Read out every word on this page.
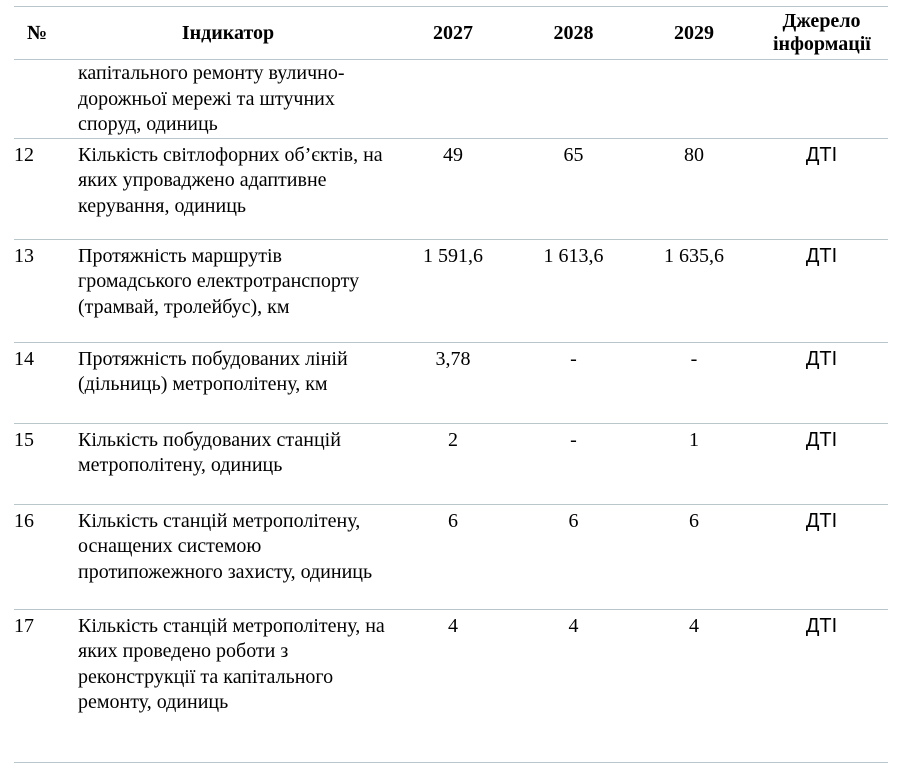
№	Індикатор	2027	2028	2029	Джерело інформації
	капітального ремонту вулично-дорожньої мережі та штучних споруд, одиниць				
12	Кількість світлофорних об’єктів, на яких упроваджено адаптивне керування, одиниць	49	65	80	ДТІ
13	Протяжність маршрутів громадського електротранспорту (трамвай, тролейбус), км	1 591,6	1 613,6	1 635,6	ДТІ
14	Протяжність побудованих ліній (дільниць) метрополітену, км	3,78	-	-	ДТІ
15	Кількість побудованих станцій метрополітену, одиниць	2	-	1	ДТІ
16	Кількість станцій метрополітену, оснащених системою протипожежного захисту, одиниць	6	6	6	ДТІ
17	Кількість станцій метрополітену, на яких проведено роботи з реконструкції та капітального ремонту, одиниць	4	4	4	ДТІ
